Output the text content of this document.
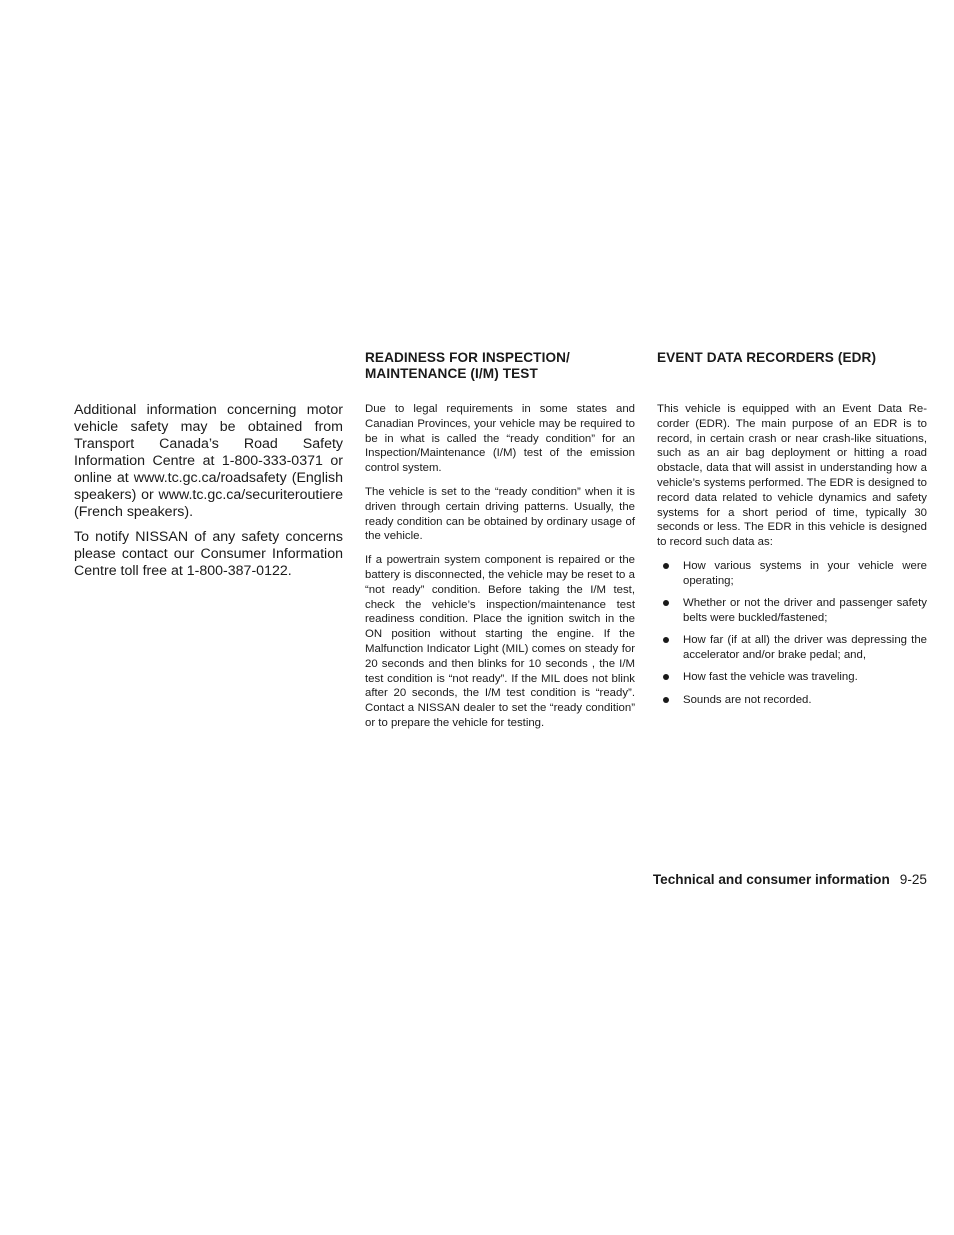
Additional information concerning motor vehicle safety may be obtained from Transport Canada’s Road Safety Information Centre at 1-800-333-0371 or online at www.tc.gc.ca/roadsafety (English speakers) or www.tc.gc.ca/securiteroutiere (French speakers).

To notify NISSAN of any safety concerns please contact our Consumer Information Centre toll free at 1-800-387-0122.

READINESS FOR INSPECTION/ MAINTENANCE (I/M) TEST

Due to legal requirements in some states and Canadian Provinces, your vehicle may be required to be in what is called the “ready condition” for an Inspection/Maintenance (I/M) test of the emission control system.

The vehicle is set to the “ready condition” when it is driven through certain driving patterns. Usually, the ready condition can be obtained by ordinary usage of the vehicle.

If a powertrain system component is repaired or the battery is disconnected, the vehicle may be reset to a “not ready” condition. Before taking the I/M test, check the vehicle’s inspection/maintenance test readiness condition. Place the ignition switch in the ON position without starting the engine. If the Malfunction Indicator Light (MIL) comes on steady for 20 seconds and then blinks for 10 seconds , the I/M test condition is “not ready”. If the MIL does not blink after 20 seconds, the I/M test condition is “ready”. Contact a NISSAN dealer to set the “ready condition” or to prepare the vehicle for testing.

EVENT DATA RECORDERS (EDR)

This vehicle is equipped with an Event Data Recorder (EDR). The main purpose of an EDR is to record, in certain crash or near crash-like situations, such as an air bag deployment or hitting a road obstacle, data that will assist in understanding how a vehicle’s systems performed. The EDR is designed to record data related to vehicle dynamics and safety systems for a short period of time, typically 30 seconds or less. The EDR in this vehicle is designed to record such data as:

How various systems in your vehicle were operating;
Whether or not the driver and passenger safety belts were buckled/fastened;
How far (if at all) the driver was depressing the accelerator and/or brake pedal; and,
How fast the vehicle was traveling.
Sounds are not recorded.
Technical and consumer information 9-25
